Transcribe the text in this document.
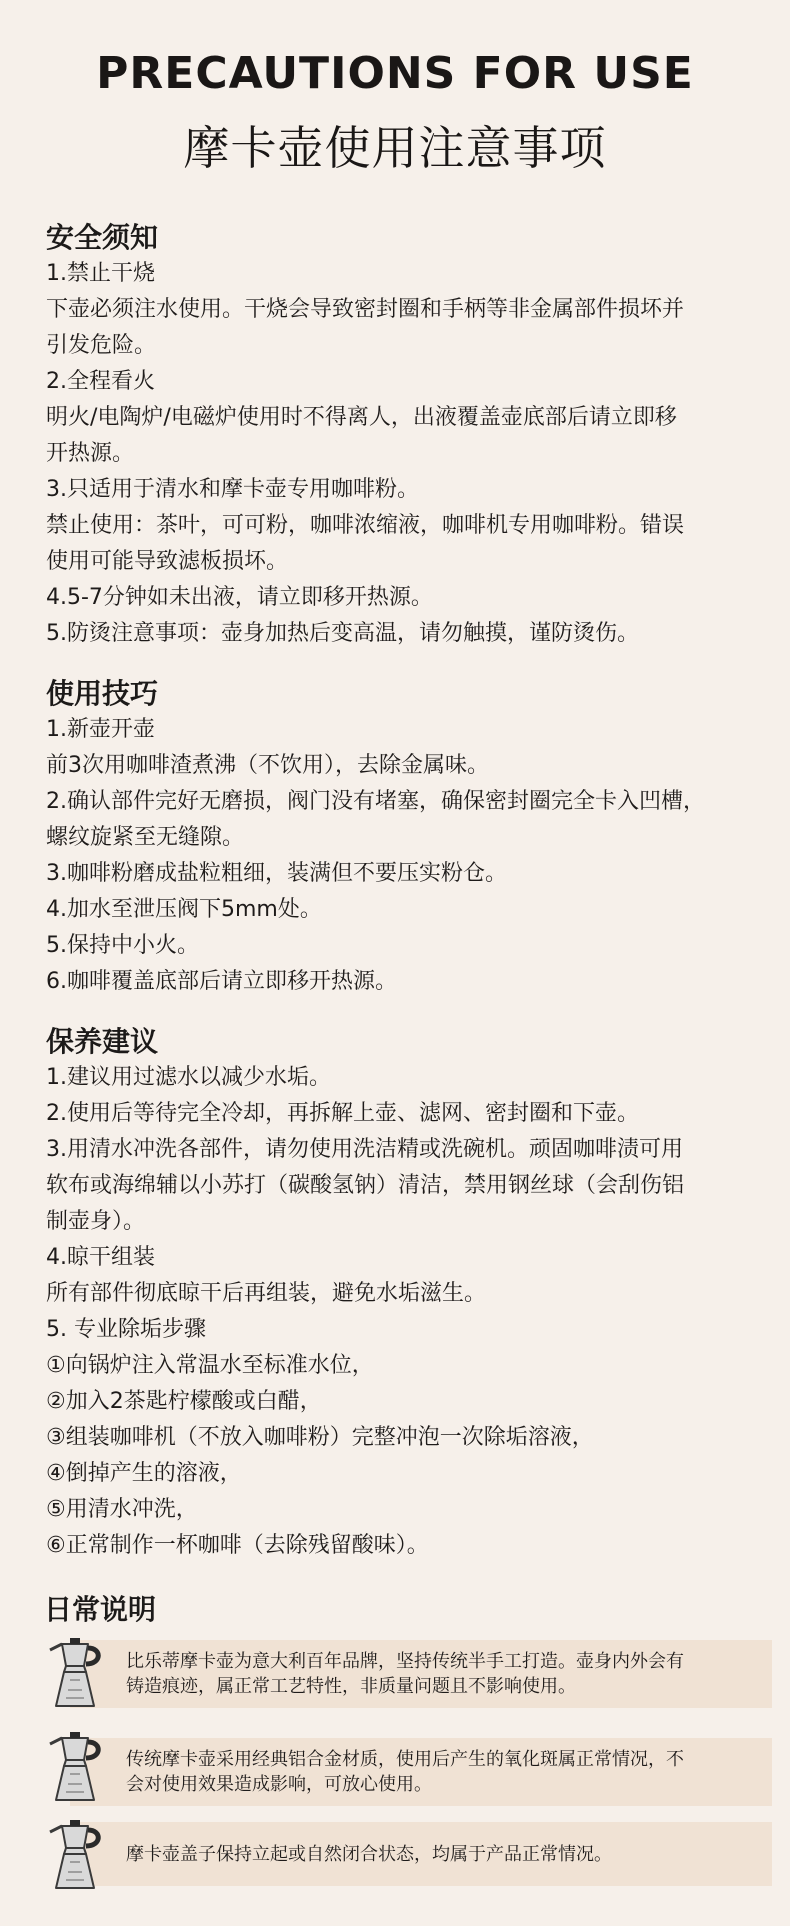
PRECAUTIONS FOR USE
摩卡壶使用注意事项

安全须知

1.禁止干烧

下壶必须注水使用。干烧会导致密封圈和手柄等非金属部件损坏并

引发危险。

2.全程看火

明火/电陶炉/电磁炉使用时不得离人，出液覆盖壶底部后请立即移

开热源。

3.只适用于清水和摩卡壶专用咖啡粉。

禁止使用：茶叶，可可粉，咖啡浓缩液，咖啡机专用咖啡粉。错误

使用可能导致滤板损坏。

4.5-7分钟如未出液，请立即移开热源。

5.防烫注意事项：壶身加热后变高温，请勿触摸，谨防烫伤。

使用技巧

1.新壶开壶

前3次用咖啡渣煮沸（不饮用），去除金属味。

2.确认部件完好无磨损，阀门没有堵塞，确保密封圈完全卡入凹槽，

螺纹旋紧至无缝隙。

3.咖啡粉磨成盐粒粗细，装满但不要压实粉仓。

4.加水至泄压阀下5mm处。

5.保持中小火。

6.咖啡覆盖底部后请立即移开热源。

保养建议

1.建议用过滤水以减少水垢。

2.使用后等待完全冷却，再拆解上壶、滤网、密封圈和下壶。

3.用清水冲洗各部件，请勿使用洗洁精或洗碗机。顽固咖啡渍可用

软布或海绵辅以小苏打（碳酸氢钠）清洁，禁用钢丝球（会刮伤铝

制壶身）。

4.晾干组装

所有部件彻底晾干后再组装，避免水垢滋生。

5. 专业除垢步骤

①向锅炉注入常温水至标准水位，

②加入2茶匙柠檬酸或白醋，

③组装咖啡机（不放入咖啡粉）完整冲泡一次除垢溶液，

④倒掉产生的溶液，

⑤用清水冲洗，

⑥正常制作一杯咖啡（去除残留酸味）。

日常说明

比乐蒂摩卡壶为意大利百年品牌，坚持传统半手工打造。壶身内外会有
铸造痕迹，属正常工艺特性，非质量问题且不影响使用。
传统摩卡壶采用经典铝合金材质，使用后产生的氧化斑属正常情况，不
会对使用效果造成影响，可放心使用。
摩卡壶盖子保持立起或自然闭合状态，均属于产品正常情况。
